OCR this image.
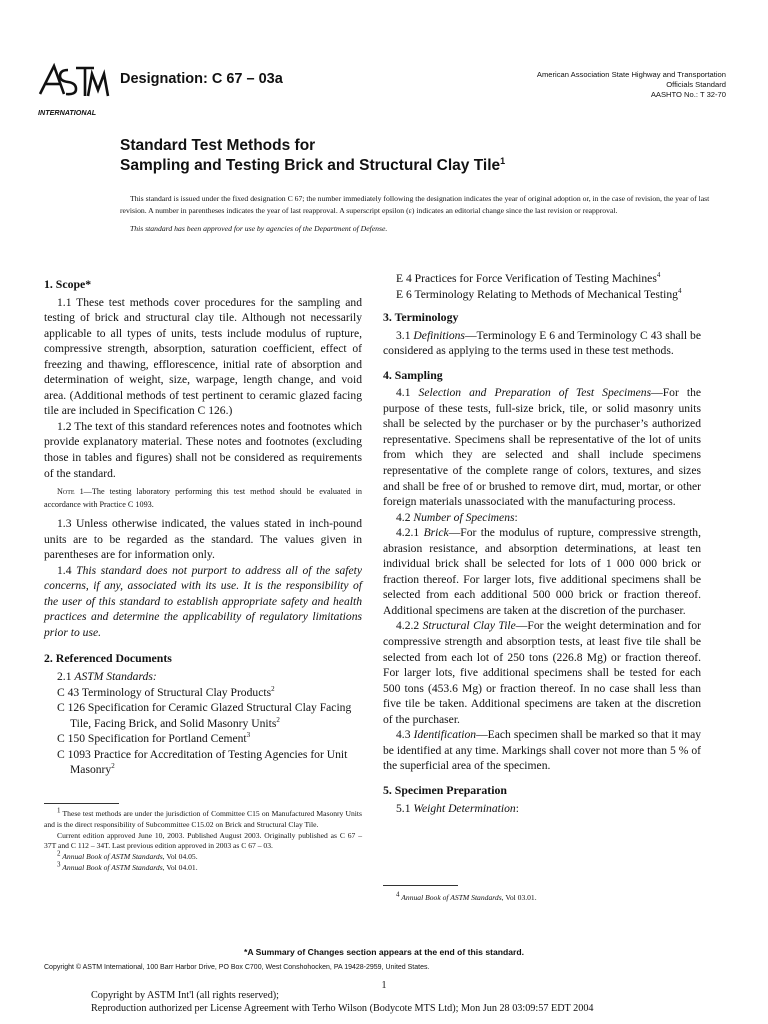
INTERNATIONAL
Designation: C 67 – 03a	American Association State Highway and Transportation
Officials Standard
AASHTO No.: T 32-70
Standard Test Methods for
Sampling and Testing Brick and Structural Clay Tile$^1$

This standard is issued under the fixed designation C 67; the number immediately following the designation indicates the year of original adoption or, in the case of revision, the year of last revision. A number in parentheses indicates the year of last reapproval. A superscript epsilon (ε) indicates an editorial change since the last revision or reapproval.

This standard has been approved for use by agencies of the Department of Defense.

1. Scope*

1.1 These test methods cover procedures for the sampling and testing of brick and structural clay tile. Although not necessarily applicable to all types of units, tests include modulus of rupture, compressive strength, absorption, saturation coefficient, effect of freezing and thawing, efflorescence, initial rate of absorption and determination of weight, size, warpage, length change, and void area. (Additional methods of test pertinent to ceramic glazed facing tile are included in Specification C 126.)

1.2 The text of this standard references notes and footnotes which provide explanatory material. These notes and footnotes (excluding those in tables and figures) shall not be considered as requirements of the standard.

Note 1—The testing laboratory performing this test method should be evaluated in accordance with Practice C 1093.

1.3 Unless otherwise indicated, the values stated in inch-pound units are to be regarded as the standard. The values given in parentheses are for information only.

1.4 This standard does not purport to address all of the safety concerns, if any, associated with its use. It is the responsibility of the user of this standard to establish appropriate safety and health practices and determine the applicability of regulatory limitations prior to use.

2. Referenced Documents

2.1 ASTM Standards:

C 43 Terminology of Structural Clay Products$^2$

C 126 Specification for Ceramic Glazed Structural Clay Facing Tile, Facing Brick, and Solid Masonry Units$^2$

C 150 Specification for Portland Cement$^3$

C 1093 Practice for Accreditation of Testing Agencies for Unit Masonry$^2$

$^1$ These test methods are under the jurisdiction of Committee C15 on Manufactured Masonry Units and is the direct responsibility of Subcommittee C15.02 on Brick and Structural Clay Tile.

Current edition approved June 10, 2003. Published August 2003. Originally published as C 67 – 37T and C 112 – 34T. Last previous edition approved in 2003 as C 67 – 03.

$^2$ Annual Book of ASTM Standards, Vol 04.05.

$^3$ Annual Book of ASTM Standards, Vol 04.01.

E 4 Practices for Force Verification of Testing Machines$^4$

E 6 Terminology Relating to Methods of Mechanical Testing$^4$

3. Terminology

3.1 Definitions—Terminology E 6 and Terminology C 43 shall be considered as applying to the terms used in these test methods.

4. Sampling

4.1 Selection and Preparation of Test Specimens—For the purpose of these tests, full-size brick, tile, or solid masonry units shall be selected by the purchaser or by the purchaser’s authorized representative. Specimens shall be representative of the lot of units from which they are selected and shall include specimens representative of the complete range of colors, textures, and sizes and shall be free of or brushed to remove dirt, mud, mortar, or other foreign materials unassociated with the manufacturing process.

4.2 Number of Specimens:

4.2.1 Brick—For the modulus of rupture, compressive strength, abrasion resistance, and absorption determinations, at least ten individual brick shall be selected for lots of 1 000 000 brick or fraction thereof. For larger lots, five additional specimens shall be selected from each additional 500 000 brick or fraction thereof. Additional specimens are taken at the discretion of the purchaser.

4.2.2 Structural Clay Tile—For the weight determination and for compressive strength and absorption tests, at least five tile shall be selected from each lot of 250 tons (226.8 Mg) or fraction thereof. For larger lots, five additional specimens shall be tested for each 500 tons (453.6 Mg) or fraction thereof. In no case shall less than five tile be taken. Additional specimens are taken at the discretion of the purchaser.

4.3 Identification—Each specimen shall be marked so that it may be identified at any time. Markings shall cover not more than 5 % of the superficial area of the specimen.

5. Specimen Preparation

5.1 Weight Determination:

$^4$ Annual Book of ASTM Standards, Vol 03.01.
*A Summary of Changes section appears at the end of this standard.
Copyright © ASTM International, 100 Barr Harbor Drive, PO Box C700, West Conshohocken, PA 19428-2959, United States.
1
Copyright by ASTM Int'l (all rights reserved);
Reproduction authorized per License Agreement with Terho Wilson (Bodycote MTS Ltd); Mon Jun 28 03:09:57 EDT 2004
